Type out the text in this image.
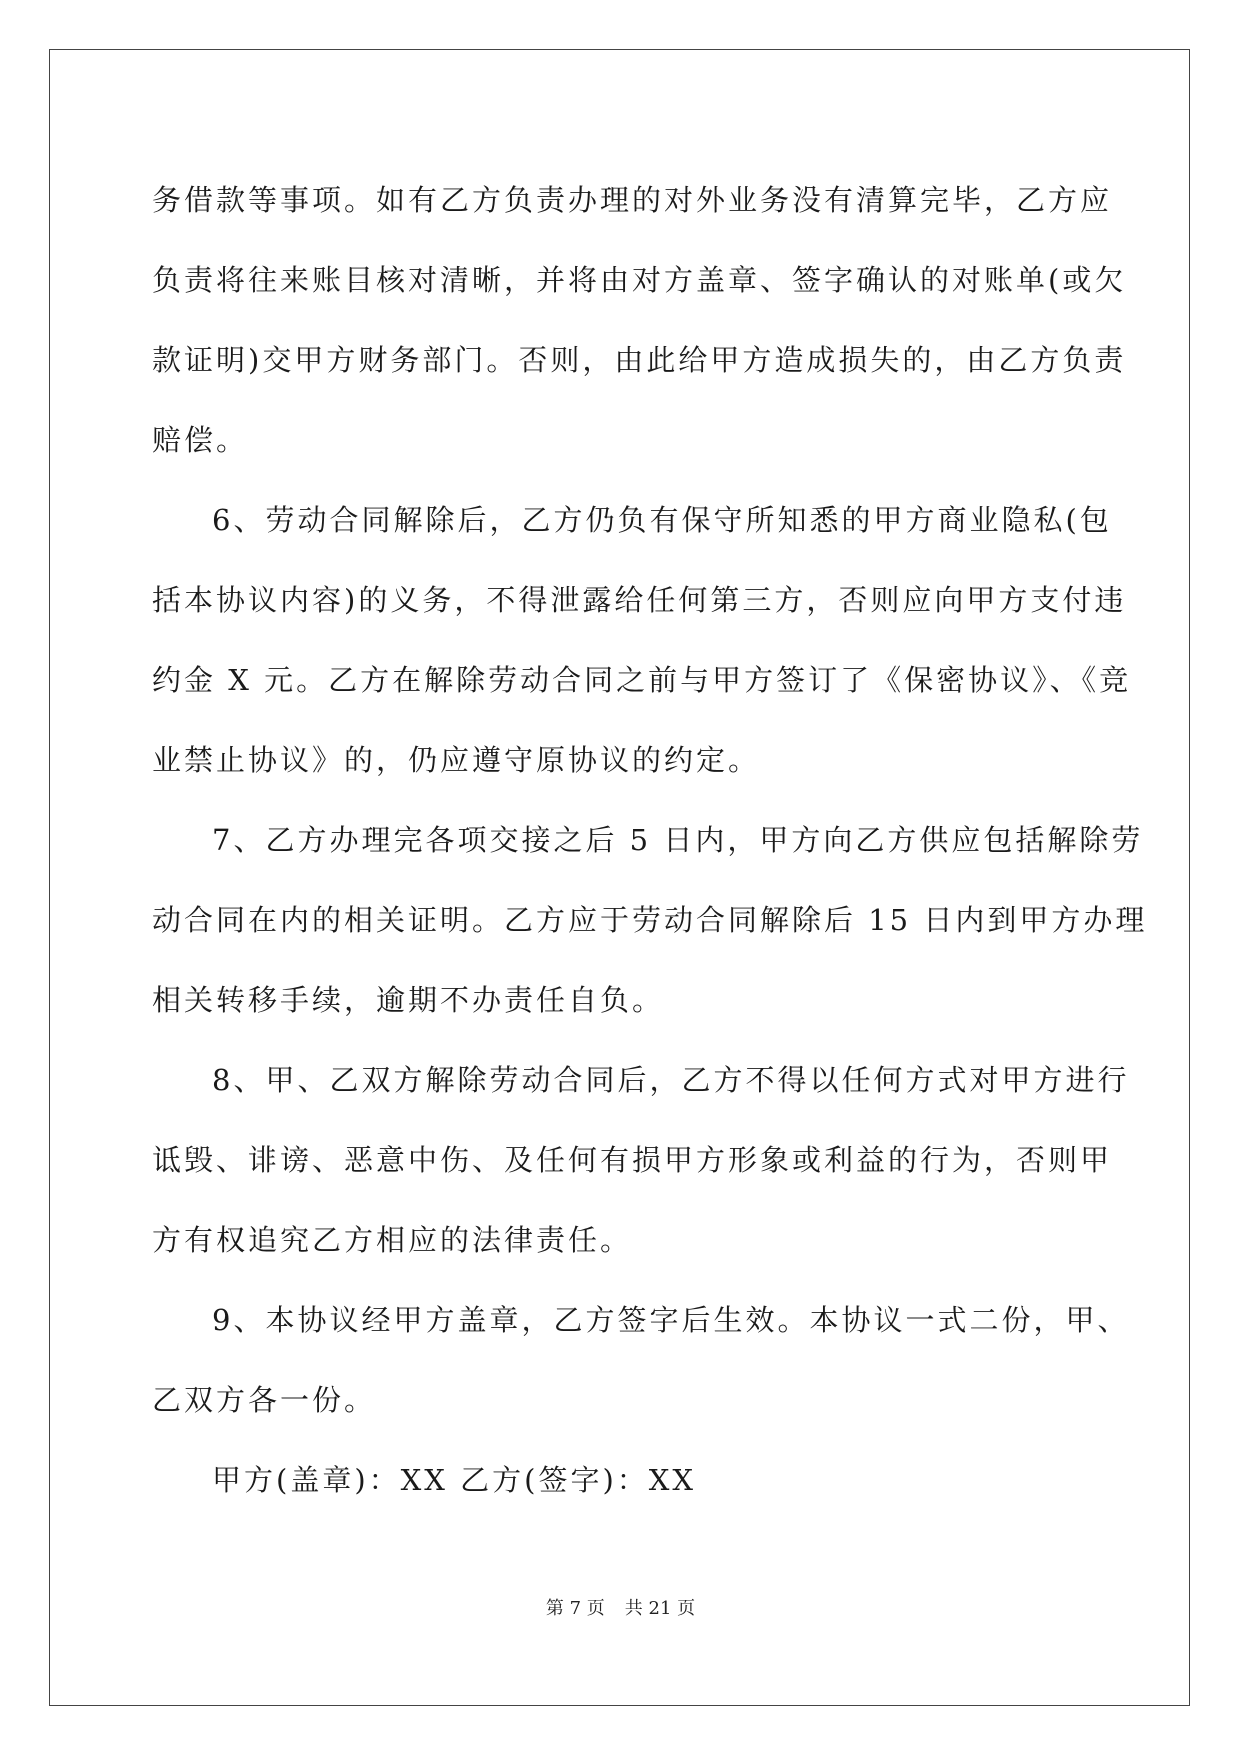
务借款等事项。如有乙方负责办理的对外业务没有清算完毕，乙方应
负责将往来账目核对清晰，并将由对方盖章、签字确认的对账单(或欠
款证明)交甲方财务部门。否则，由此给甲方造成损失的，由乙方负责
赔偿。
6、劳动合同解除后，乙方仍负有保守所知悉的甲方商业隐私(包
括本协议内容)的义务，不得泄露给任何第三方，否则应向甲方支付违
约金 X 元。乙方在解除劳动合同之前与甲方签订了《保密协议》、《竞
业禁止协议》的，仍应遵守原协议的约定。
7、乙方办理完各项交接之后 5 日内，甲方向乙方供应包括解除劳
动合同在内的相关证明。乙方应于劳动合同解除后 15 日内到甲方办理
相关转移手续，逾期不办责任自负。
8、甲、乙双方解除劳动合同后，乙方不得以任何方式对甲方进行
诋毁、诽谤、恶意中伤、及任何有损甲方形象或利益的行为，否则甲
方有权追究乙方相应的法律责任。
9、本协议经甲方盖章，乙方签字后生效。本协议一式二份，甲、
乙双方各一份。
甲方(盖章)：XX 乙方(签字)：XX
第 7 页 共 21 页
